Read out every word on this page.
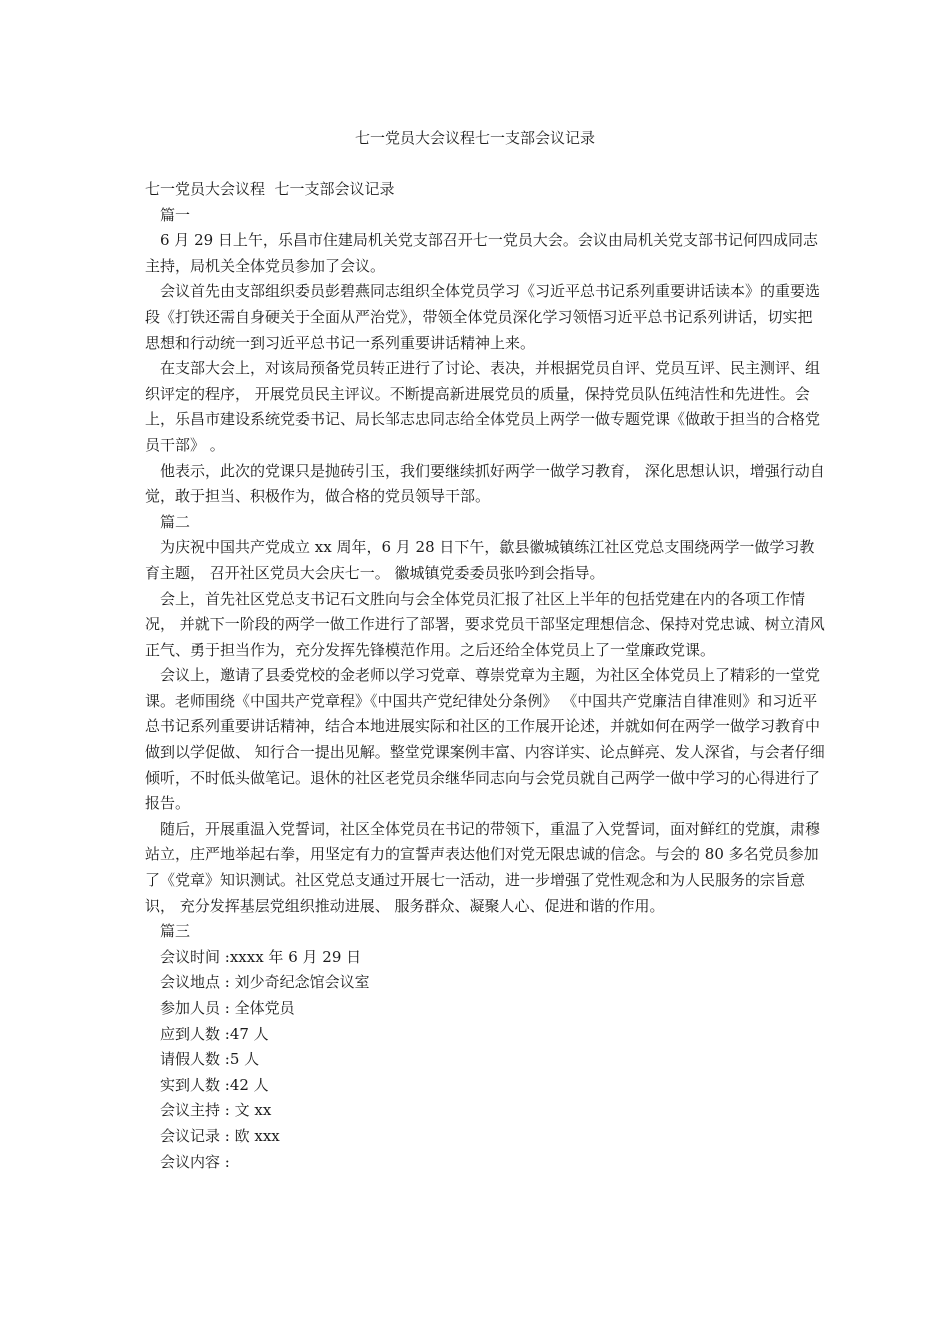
七一党员大会议程七一支部会议记录

七一党员大会议程  七一支部会议记录

篇一

6 月 29 日上午，乐昌市住建局机关党支部召开七一党员大会。会议由局机关党支部书记何四成同志主持，局机关全体党员参加了会议。

会议首先由支部组织委员彭碧燕同志组织全体党员学习《习近平总书记系列重要讲话读本》的重要选段《打铁还需自身硬关于全面从严治党》，带领全体党员深化学习领悟习近平总书记系列讲话，切实把思想和行动统一到习近平总书记一系列重要讲话精神上来。

在支部大会上，对该局预备党员转正进行了讨论、表决，并根据党员自评、党员互评、民主测评、组织评定的程序， 开展党员民主评议。不断提高新进展党员的质量，保持党员队伍纯洁性和先进性。会上，乐昌市建设系统党委书记、局长邹志忠同志给全体党员上两学一做专题党课《做敢于担当的合格党员干部》 。

他表示，此次的党课只是抛砖引玉，我们要继续抓好两学一做学习教育， 深化思想认识，增强行动自觉，敢于担当、积极作为，做合格的党员领导干部。

篇二

为庆祝中国共产党成立 xx 周年，6 月 28 日下午，歙县徽城镇练江社区党总支围绕两学一做学习教育主题， 召开社区党员大会庆七一。 徽城镇党委委员张吟到会指导。

会上，首先社区党总支书记石文胜向与会全体党员汇报了社区上半年的包括党建在内的各项工作情况， 并就下一阶段的两学一做工作进行了部署，要求党员干部坚定理想信念、保持对党忠诚、树立清风正气、勇于担当作为，充分发挥先锋模范作用。之后还给全体党员上了一堂廉政党课。

会议上，邀请了县委党校的金老师以学习党章、尊崇党章为主题，为社区全体党员上了精彩的一堂党课。老师围绕《中国共产党章程》《中国共产党纪律处分条例》 《中国共产党廉洁自律准则》和习近平总书记系列重要讲话精神，结合本地进展实际和社区的工作展开论述，并就如何在两学一做学习教育中做到以学促做、 知行合一提出见解。整堂党课案例丰富、内容详实、论点鲜亮、发人深省，与会者仔细倾听，不时低头做笔记。退休的社区老党员余继华同志向与会党员就自己两学一做中学习的心得进行了报告。

随后，开展重温入党誓词，社区全体党员在书记的带领下，重温了入党誓词，面对鲜红的党旗，肃穆站立，庄严地举起右拳，用坚定有力的宣誓声表达他们对党无限忠诚的信念。与会的 80 多名党员参加了《党章》知识测试。社区党总支通过开展七一活动，进一步增强了党性观念和为人民服务的宗旨意识， 充分发挥基层党组织推动进展、 服务群众、凝聚人心、促进和谐的作用。

篇三

会议时间 :xxxx 年 6 月 29 日

会议地点 : 刘少奇纪念馆会议室

参加人员 : 全体党员

应到人数 :47 人

请假人数 :5 人

实到人数 :42 人

会议主持 : 文 xx

会议记录 : 欧 xxx

会议内容 :
